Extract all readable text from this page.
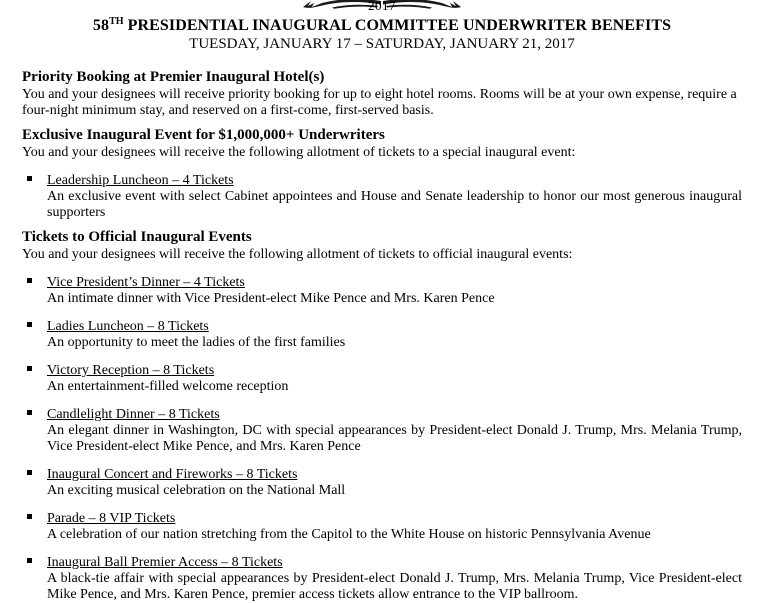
2017
58TH PRESIDENTIAL INAUGURAL COMMITTEE UNDERWRITER BENEFITS
TUESDAY, JANUARY 17 – SATURDAY, JANUARY 21, 2017
Priority Booking at Premier Inaugural Hotel(s)

You and your designees will receive priority booking for up to eight hotel rooms. Rooms will be at your own expense, require a four-night minimum stay, and reserved on a first-come, first-served basis.

Exclusive Inaugural Event for $1,000,000+ Underwriters

You and your designees will receive the following allotment of tickets to a special inaugural event:

Leadership Luncheon – 4 Tickets
An exclusive event with select Cabinet appointees and House and Senate leadership to honor our most generous inaugural supporters
Tickets to Official Inaugural Events

You and your designees will receive the following allotment of tickets to official inaugural events:

Vice President’s Dinner – 4 Tickets
An intimate dinner with Vice President-elect Mike Pence and Mrs. Karen Pence
Ladies Luncheon – 8 Tickets
An opportunity to meet the ladies of the first families
Victory Reception – 8 Tickets
An entertainment-filled welcome reception
Candlelight Dinner – 8 Tickets
An elegant dinner in Washington, DC with special appearances by President-elect Donald J. Trump, Mrs. Melania Trump, Vice President-elect Mike Pence, and Mrs. Karen Pence
Inaugural Concert and Fireworks – 8 Tickets
An exciting musical celebration on the National Mall
Parade – 8 VIP Tickets
A celebration of our nation stretching from the Capitol to the White House on historic Pennsylvania Avenue
Inaugural Ball Premier Access – 8 Tickets
A black-tie affair with special appearances by President-elect Donald J. Trump, Mrs. Melania Trump, Vice President-elect Mike Pence, and Mrs. Karen Pence, premier access tickets allow entrance to the VIP ballroom.
